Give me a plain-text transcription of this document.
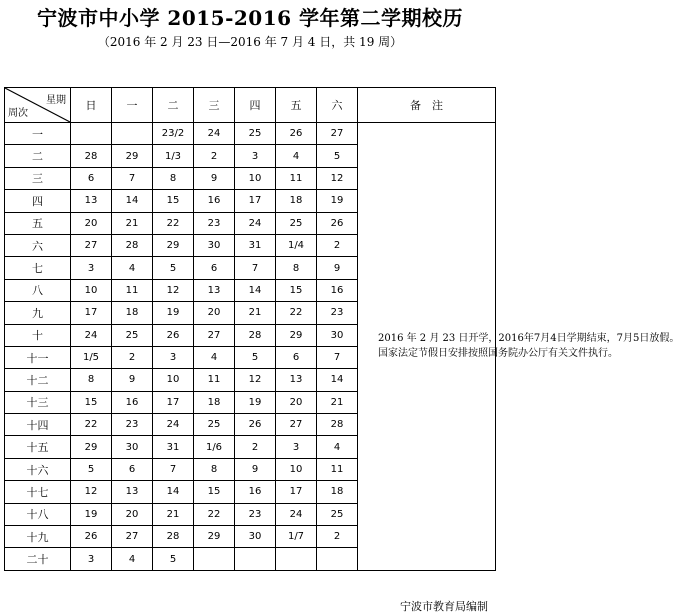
宁波市中小学 2015-2016 学年第二学期校历
（2016 年 2 月 23 日—2016 年 7 月 4 日，共 19 周）
星期
周次	日	一	二	三	四	五	六	备　注
一			23/2	24	25	26	27	2016 年 2 月 23 日开学，2016年7月4日学期结束，7月5日放假。

国家法定节假日安排按照国务院办公厅有关文件执行。

二	28	29	1/3	2	3	4	5	
三	6	7	8	9	10	11	12	
四	13	14	15	16	17	18	19	
五	20	21	22	23	24	25	26	
六	27	28	29	30	31	1/4	2	
七	3	4	5	6	7	8	9	
八	10	11	12	13	14	15	16	
九	17	18	19	20	21	22	23	
十	24	25	26	27	28	29	30	
十一	1/5	2	3	4	5	6	7	
十二	8	9	10	11	12	13	14	
十三	15	16	17	18	19	20	21	
十四	22	23	24	25	26	27	28	
十五	29	30	31	1/6	2	3	4	
十六	5	6	7	8	9	10	11	
十七	12	13	14	15	16	17	18	
十八	19	20	21	22	23	24	25	
十九	26	27	28	29	30	1/7	2	
二十	3	4	5					
宁波市教育局编制
